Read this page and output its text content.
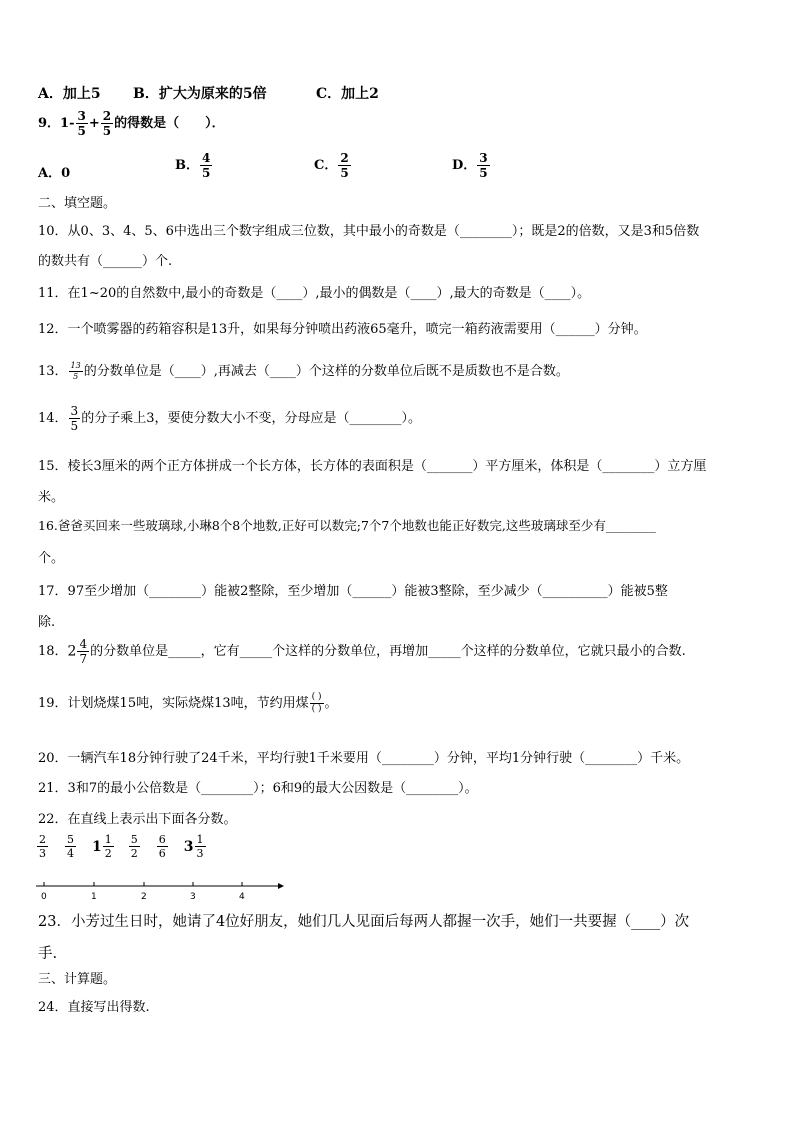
A．加上5 B．扩大为原来的5倍	C．加上2
9．$1- \frac{3}{5} + \frac{2}{5}$ 的得数是（　　）．
A．0
B． $\frac{4}{5}$	C． $\frac{2}{5}$	D． $\frac{3}{5}$
二、填空题。
10．从0、3、4、5、6中选出三个数字组成三位数，其中最小的奇数是（________）；既是2的倍数，又是3和5倍数
的数共有（______）个.
11．在1~20的自然数中,最小的奇数是（____）,最小的偶数是（____）,最大的奇数是（____）。
12．一个喷雾器的药箱容积是13升，如果每分钟喷出药液65毫升，喷完一箱药液需要用（______）分钟。
13． $\frac{13}{5}$ 的分数单位是（____）,再减去（____）个这样的分数单位后既不是质数也不是合数。
14． $\frac{3}{5}$ 的分子乘上3，要使分数大小不变，分母应是（________）。
15．棱长3厘米的两个正方体拼成一个长方体，长方体的表面积是（_______）平方厘米，体积是（________）立方厘
米。
16.爸爸买回来一些玻璃球,小琳8个8个地数,正好可以数完;7个7个地数也能正好数完,这些玻璃球至少有________
个。
17．97至少增加（________）能被2整除，至少增加（______）能被3整除，至少减少（__________）能被5整
除.
18．$2 \frac{4}{7}$ 的分数单位是_____，它有_____个这样的分数单位，再增加_____个这样的分数单位，它就只最小的合数.
19．计划烧煤15吨，实际烧煤13吨，节约用煤 $\frac{( )}{( )}$ 。
20．一辆汽车18分钟行驶了24千米，平均行驶1千米要用（________）分钟，平均1分钟行驶（________）千米。
21．3和7的最小公倍数是（________）；6和9的最大公因数是（________）。
22．在直线上表示出下面各分数。
$\frac{2}{3}$
$\frac{5}{4} 1 \frac{1}{2}$
$\frac{5}{2}$
$\frac{6}{6} 3 \frac{1}{3}$
0	1	2	3	4
23．小芳过生日时，她请了4位好朋友，她们几人见面后每两人都握一次手，她们一共要握（____）次
手.
三、计算题。
24．直接写出得数.
